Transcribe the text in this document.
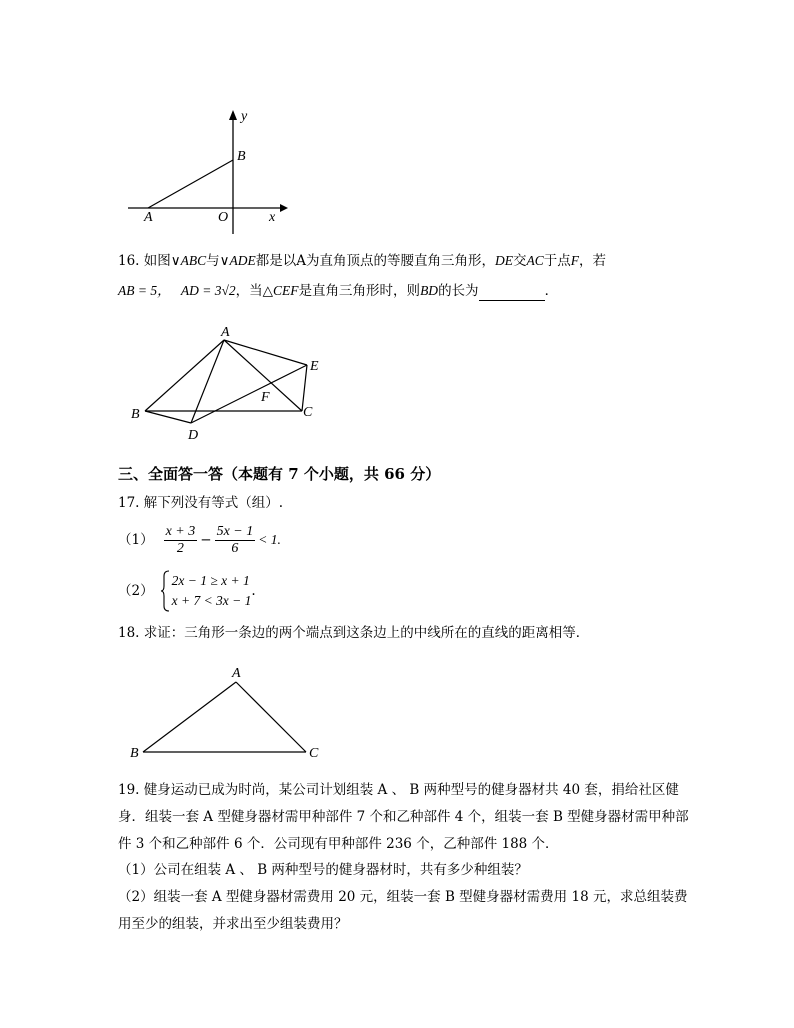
y
B
A	O	x
16. 如图∨ABC与∨ADE都是以A为直角顶点的等腰直角三角形，DE交AC于点F，若
AB = 5， AD = 3√2，当△CEF是直角三角形时，则BD的长为	．
A
E
F
B	C
D
三、全面答一答（本题有 7 个小题，共 66 分）
17. 解下列没有等式（组）.
$(1) \frac{x + 3}{2} - \frac{5x - 1}{6} < 1$.
（2）
2x − 1 ≥ x + 1
x + 7 < 3x − 1
.
18. 求证：三角形一条边的两个端点到这条边上的中线所在的直线的距离相等．
A
B	C
19. 健身运动已成为时尚，某公司计划组装 A 、 B 两种型号的健身器材共 40 套，捐给社区健
身．组装一套 A 型健身器材需甲种部件 7 个和乙种部件 4 个，组装一套 B 型健身器材需甲种部
件 3 个和乙种部件 6 个．公司现有甲种部件 236 个，乙种部件 188 个．
（1）公司在组装 A 、 B 两种型号的健身器材时，共有多少种组装？
（2）组装一套 A 型健身器材需费用 20 元，组装一套 B 型健身器材需费用 18 元，求总组装费
用至少的组装，并求出至少组装费用？
